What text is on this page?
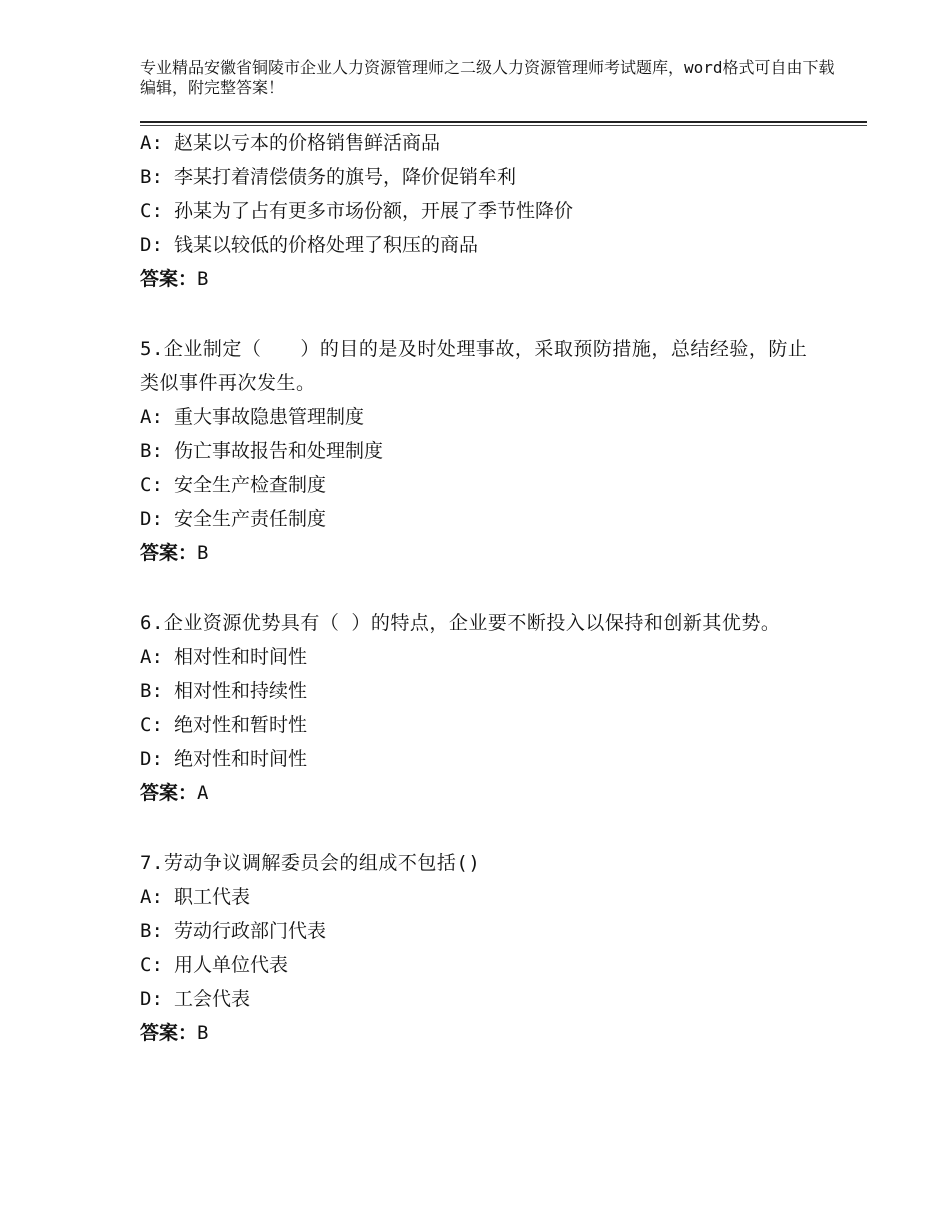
专业精品安徽省铜陵市企业人力资源管理师之二级人力资源管理师考试题库，word格式可自由下载编辑，附完整答案！
A: 赵某以亏本的价格销售鲜活商品
B: 李某打着清偿债务的旗号，降价促销牟利
C: 孙某为了占有更多市场份额，开展了季节性降价
D: 钱某以较低的价格处理了积压的商品
答案：B
5.企业制定（　　）的目的是及时处理事故，采取预防措施，总结经验，防止类似事件再次发生。
A: 重大事故隐患管理制度
B: 伤亡事故报告和处理制度
C: 安全生产检查制度
D: 安全生产责任制度
答案：B
6.企业资源优势具有（ ）的特点，企业要不断投入以保持和创新其优势。
A: 相对性和时间性
B: 相对性和持续性
C: 绝对性和暂时性
D: 绝对性和时间性
答案：A
7.劳动争议调解委员会的组成不包括()
A: 职工代表
B: 劳动行政部门代表
C: 用人单位代表
D: 工会代表
答案：B
